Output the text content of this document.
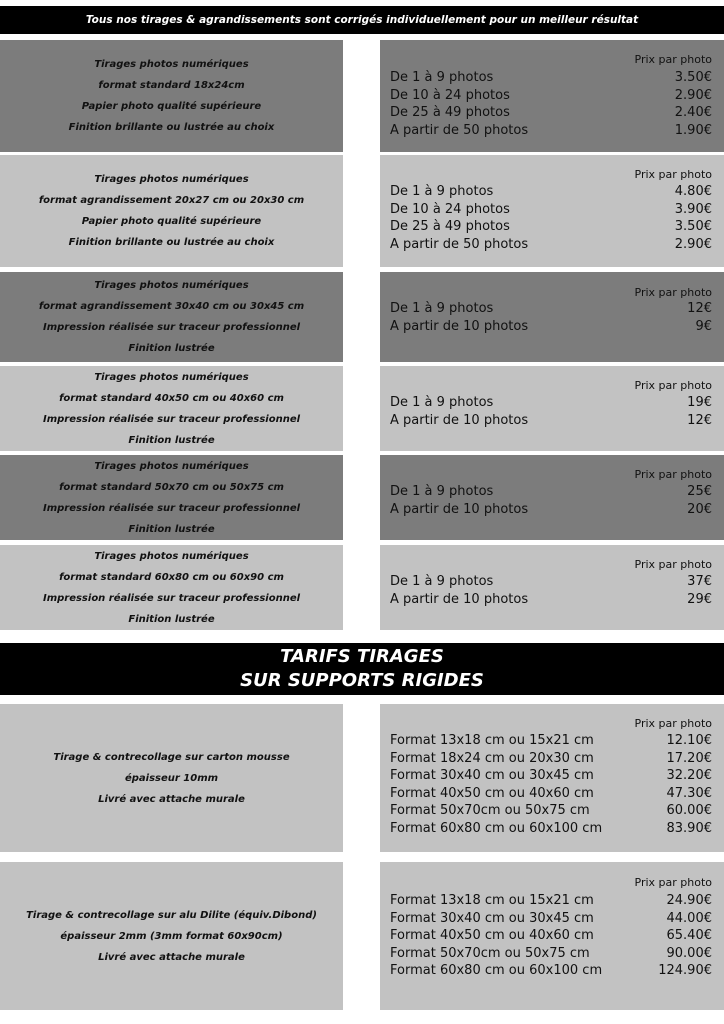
Tous nos tirages & agrandissements sont corrigés individuellement pour un meilleur résultat
Tirages photos numériques
format standard 18x24cm
Papier photo qualité supérieure
Finition brillante ou lustrée au choix
Prix par photo
De 1 à 9 photos	3.50€
De 10 à 24 photos	2.90€
De 25 à 49 photos	2.40€
A partir de 50 photos	1.90€
Tirages photos numériques
format agrandissement 20x27 cm ou 20x30 cm
Papier photo qualité supérieure
Finition brillante ou lustrée au choix
Prix par photo
De 1 à 9 photos	4.80€
De 10 à 24 photos	3.90€
De 25 à 49 photos	3.50€
A partir de 50 photos	2.90€
Tirages photos numériques
format agrandissement 30x40 cm ou 30x45 cm
Impression réalisée sur traceur professionnel
Finition lustrée
Prix par photo
De 1 à 9 photos	12€
A partir de 10 photos	9€
Tirages photos numériques
format standard 40x50 cm ou 40x60 cm
Impression réalisée sur traceur professionnel
Finition lustrée
Prix par photo
De 1 à 9 photos	19€
A partir de 10 photos	12€
Tirages photos numériques
format standard 50x70 cm ou 50x75 cm
Impression réalisée sur traceur professionnel
Finition lustrée
Prix par photo
De 1 à 9 photos	25€
A partir de 10 photos	20€
Tirages photos numériques
format standard 60x80 cm ou 60x90 cm
Impression réalisée sur traceur professionnel
Finition lustrée
Prix par photo
De 1 à 9 photos	37€
A partir de 10 photos	29€
TARIFS TIRAGES
SUR SUPPORTS RIGIDES
Tirage & contrecollage sur carton mousse
épaisseur 10mm
Livré avec attache murale
Prix par photo
Format 13x18 cm ou 15x21 cm	12.10€
Format 18x24 cm ou 20x30 cm	17.20€
Format 30x40 cm ou 30x45 cm	32.20€
Format 40x50 cm ou 40x60 cm	47.30€
Format 50x70cm ou 50x75 cm	60.00€
Format 60x80 cm ou 60x100 cm	83.90€
Tirage & contrecollage sur alu Dilite (équiv.Dibond)
épaisseur 2mm (3mm format 60x90cm)
Livré avec attache murale
Prix par photo
Format 13x18 cm ou 15x21 cm	24.90€
Format 30x40 cm ou 30x45 cm	44.00€
Format 40x50 cm ou 40x60 cm	65.40€
Format 50x70cm ou 50x75 cm	90.00€
Format 60x80 cm ou 60x100 cm	124.90€
